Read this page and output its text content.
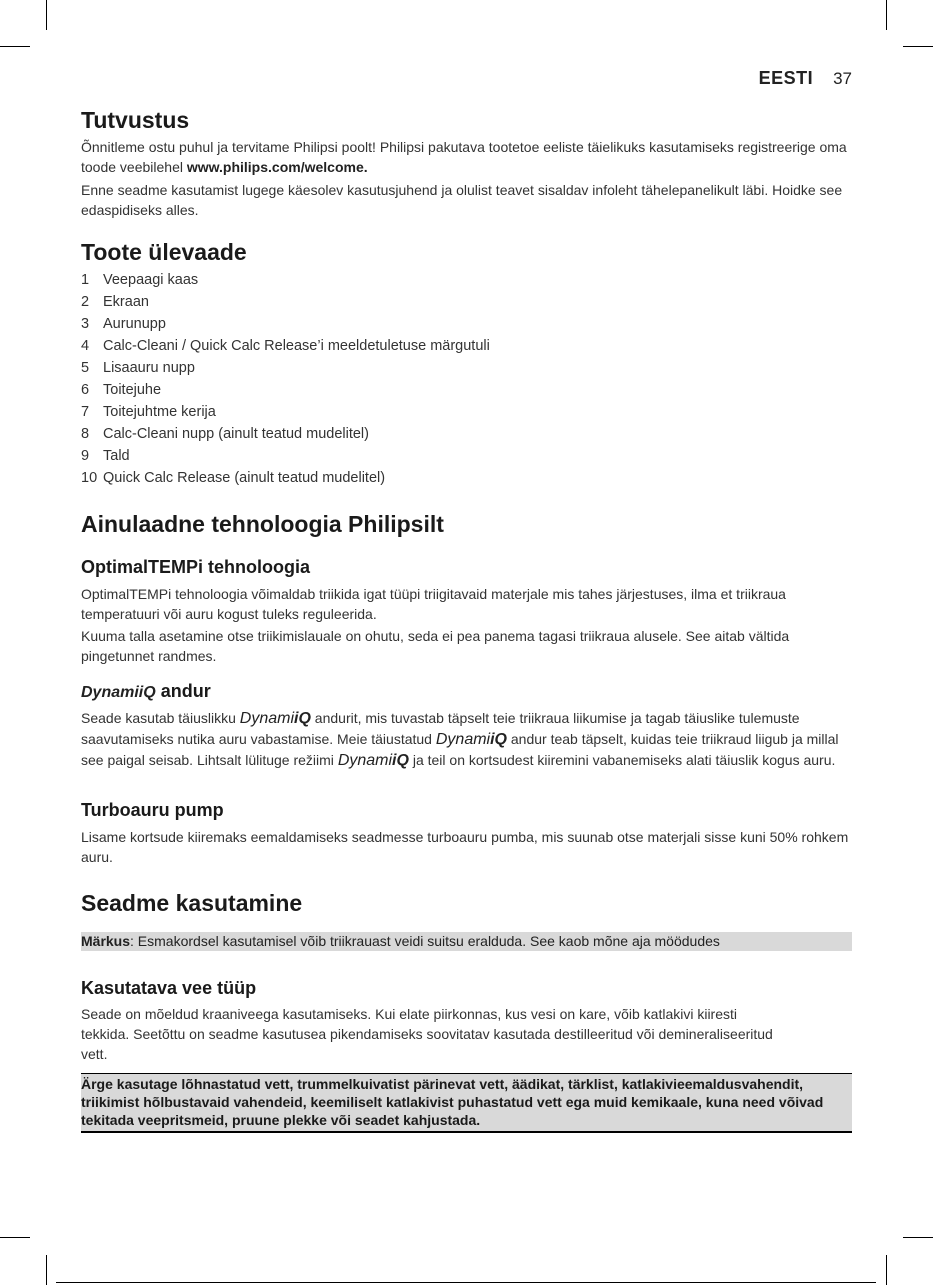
EESTI 37
Tutvustus

Õnnitleme ostu puhul ja tervitame Philipsi poolt! Philipsi pakutava tootetoe eeliste täielikuks kasutamiseks registreerige oma toode veebilehel www.philips.com/welcome.

Enne seadme kasutamist lugege käesolev kasutusjuhend ja olulist teavet sisaldav infoleht tähelepanelikult läbi. Hoidke see edaspidiseks alles.

Toote ülevaade
1 Veepaagi kaas
2 Ekraan
3 Aurunupp
4 Calc-Cleani / Quick Calc Release’i meeldetuletuse märgutuli
5 Lisaauru nupp
6 Toitejuhe
7 Toitejuhtme kerija
8 Calc-Cleani nupp (ainult teatud mudelitel)
9 Tald
10 Quick Calc Release (ainult teatud mudelitel)
Ainulaadne tehnoloogia Philipsilt
OptimalTEMPi tehnoloogia

OptimalTEMPi tehnoloogia võimaldab triikida igat tüüpi triigitavaid materjale mis tahes järjestuses, ilma et triikraua temperatuuri või auru kogust tuleks reguleerida.

Kuuma talla asetamine otse triikimislauale on ohutu, seda ei pea panema tagasi triikraua alusele. See aitab vältida pingetunnet randmes.

DynamiiQ andur

Seade kasutab täiuslikku DynamiiQ andurit, mis tuvastab täpselt teie triikraua liikumise ja tagab täiuslike tulemuste saavutamiseks nutika auru vabastamise. Meie täiustatud DynamiiQ andur teab täpselt, kuidas teie triikraud liigub ja millal see paigal seisab. Lihtsalt lülituge režiimi DynamiiQ ja teil on kortsudest kiiremini vabanemiseks alati täiuslik kogus auru.

Turboauru pump

Lisame kortsude kiiremaks eemaldamiseks seadmesse turboauru pumba, mis suunab otse materjali sisse kuni 50% rohkem auru.

Seadme kasutamine
Märkus: Esmakordsel kasutamisel võib triikrauast veidi suitsu eralduda. See kaob mõne aja möödudes
Kasutatava vee tüüp

Seade on mõeldud kraaniveega kasutamiseks. Kui elate piirkonnas, kus vesi on kare, võib katlakivi kiiresti tekkida. Seetõttu on seadme kasutusea pikendamiseks soovitatav kasutada destilleeritud või demineraliseeritud vett.

Ärge kasutage lõhnastatud vett, trummelkuivatist pärinevat vett, äädikat, tärklist, katlakivieemaldusvahendit, triikimist hõlbustavaid vahendeid, keemiliselt katlakivist puhastatud vett ega muid kemikaale, kuna need võivad tekitada veepritsmeid, pruune plekke või seadet kahjustada.
